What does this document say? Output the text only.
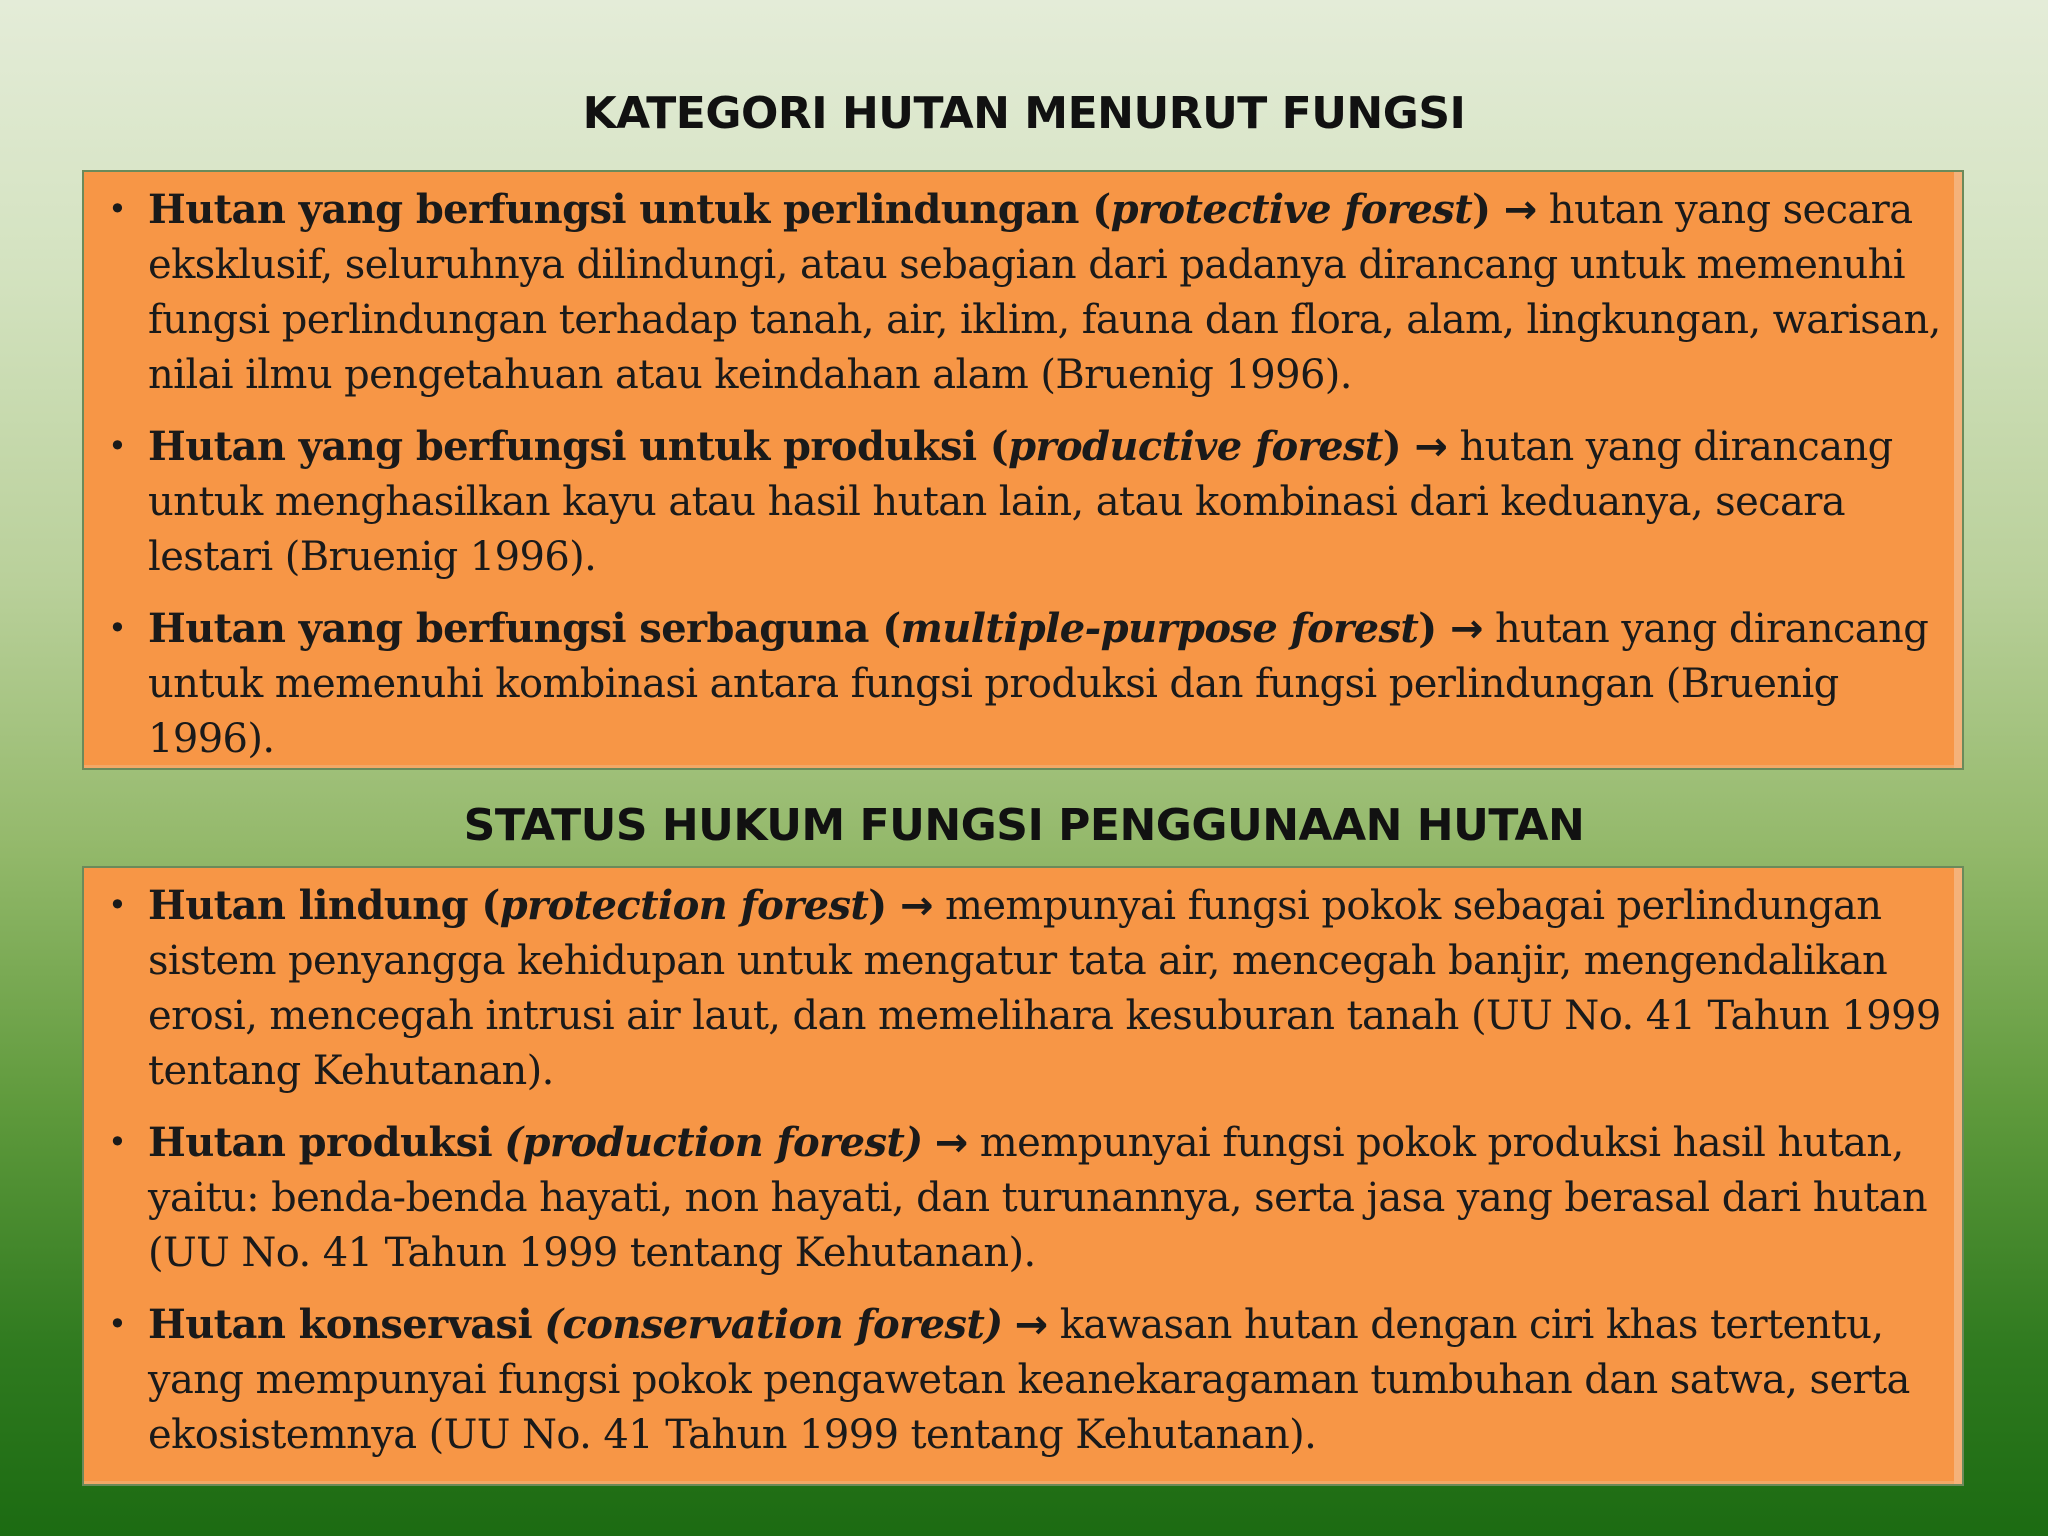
KATEGORI HUTAN MENURUT FUNGSI
• Hutan yang berfungsi untuk perlindungan (protective forest) → hutan yang secara eksklusif, seluruhnya dilindungi, atau sebagian dari padanya dirancang untuk memenuhi fungsi perlindungan terhadap tanah, air, iklim, fauna dan flora, alam, lingkungan, warisan, nilai ilmu pengetahuan atau keindahan alam (Bruenig 1996).
• Hutan yang berfungsi untuk produksi (productive forest) → hutan yang dirancang untuk menghasilkan kayu atau hasil hutan lain, atau kombinasi dari keduanya, secara lestari (Bruenig 1996).
• Hutan yang berfungsi serbaguna (multiple-purpose forest) → hutan yang dirancang untuk memenuhi kombinasi antara fungsi produksi dan fungsi perlindungan (Bruenig 1996).
STATUS HUKUM FUNGSI PENGGUNAAN HUTAN
• Hutan lindung (protection forest) → mempunyai fungsi pokok sebagai perlindungan sistem penyangga kehidupan untuk mengatur tata air, mencegah banjir, mengendalikan erosi, mencegah intrusi air laut, dan memelihara kesuburan tanah (UU No. 41 Tahun 1999 tentang Kehutanan).
• Hutan produksi (production forest) → mempunyai fungsi pokok produksi hasil hutan, yaitu: benda-benda hayati, non hayati, dan turunannya, serta jasa yang berasal dari hutan (UU No. 41 Tahun 1999 tentang Kehutanan).
• Hutan konservasi (conservation forest) → kawasan hutan dengan ciri khas tertentu, yang mempunyai fungsi pokok pengawetan keanekaragaman tumbuhan dan satwa, serta ekosistemnya (UU No. 41 Tahun 1999 tentang Kehutanan).
